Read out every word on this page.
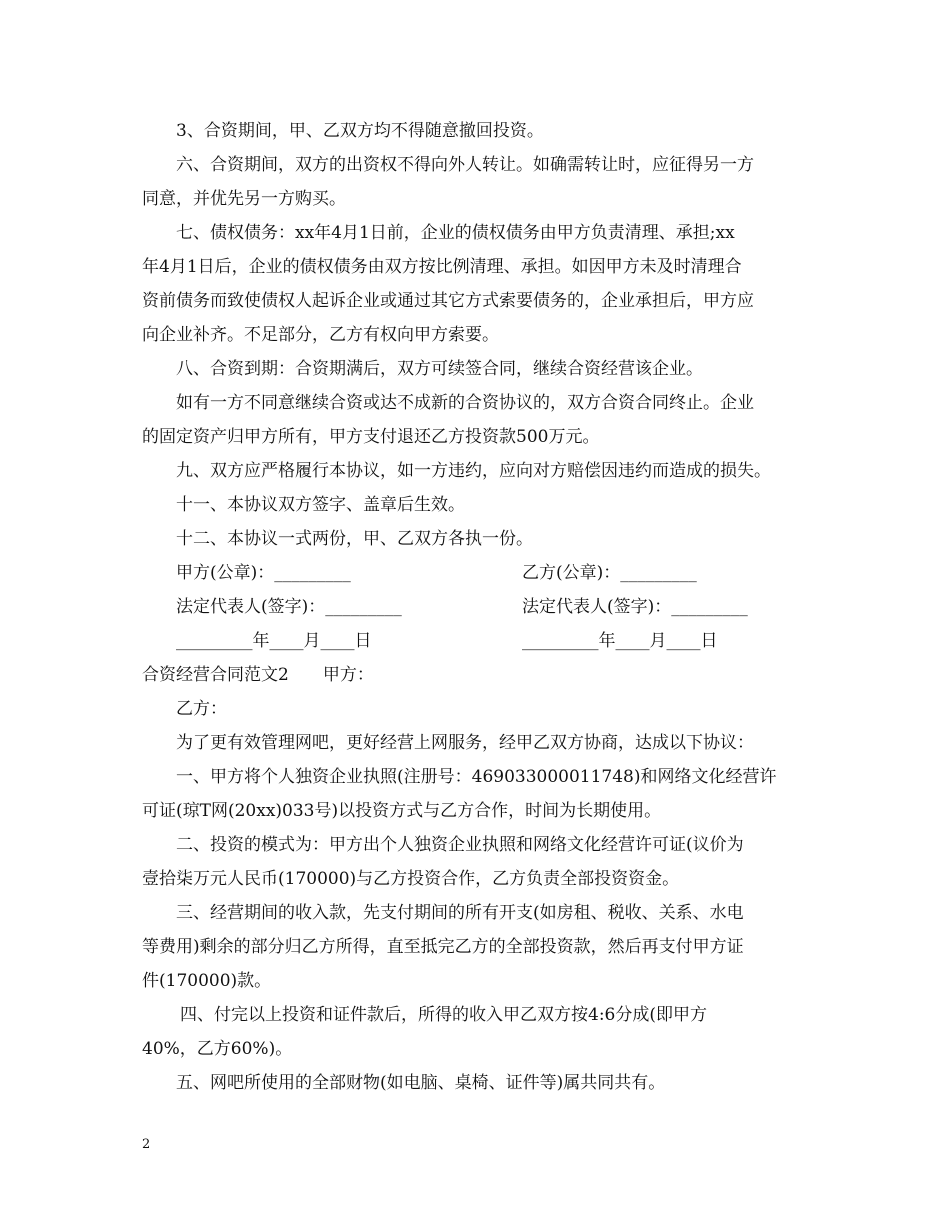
3、合资期间，甲、乙双方均不得随意撤回投资。
六、合资期间，双方的出资权不得向外人转让。如确需转让时，应征得另一方
同意，并优先另一方购买。
七、债权债务：xx年4月1日前，企业的债权债务由甲方负责清理、承担;xx
年4月1日后，企业的债权债务由双方按比例清理、承担。如因甲方未及时清理合
资前债务而致使债权人起诉企业或通过其它方式索要债务的，企业承担后，甲方应
向企业补齐。不足部分，乙方有权向甲方索要。
八、合资到期：合资期满后，双方可续签合同，继续合资经营该企业。
如有一方不同意继续合资或达不成新的合资协议的，双方合资合同终止。企业
的固定资产归甲方所有，甲方支付退还乙方投资款500万元。
九、双方应严格履行本协议，如一方违约，应向对方赔偿因违约而造成的损失。
十一、本协议双方签字、盖章后生效。
十二、本协议一式两份，甲、乙双方各执一份。
甲方(公章)：_________	乙方(公章)：_________
法定代表人(签字)：_________	法定代表人(签字)：_________
_________年____月____日	_________年____月____日
合资经营合同范文2 甲方：
乙方：
为了更有效管理网吧，更好经营上网服务，经甲乙双方协商，达成以下协议：
一、甲方将个人独资企业执照(注册号：469033000011748)和网络文化经营许
可证(琼T网(20xx)033号)以投资方式与乙方合作，时间为长期使用。
二、投资的模式为：甲方出个人独资企业执照和网络文化经营许可证(议价为
壹拾柒万元人民币(170000)与乙方投资合作，乙方负责全部投资资金。
三、经营期间的收入款，先支付期间的所有开支(如房租、税收、关系、水电
等费用)剩余的部分归乙方所得，直至抵完乙方的全部投资款，然后再支付甲方证
件(170000)款。
四、付完以上投资和证件款后，所得的收入甲乙双方按4:6分成(即甲方
40%，乙方60%)。
五、网吧所使用的全部财物(如电脑、桌椅、证件等)属共同共有。
2
